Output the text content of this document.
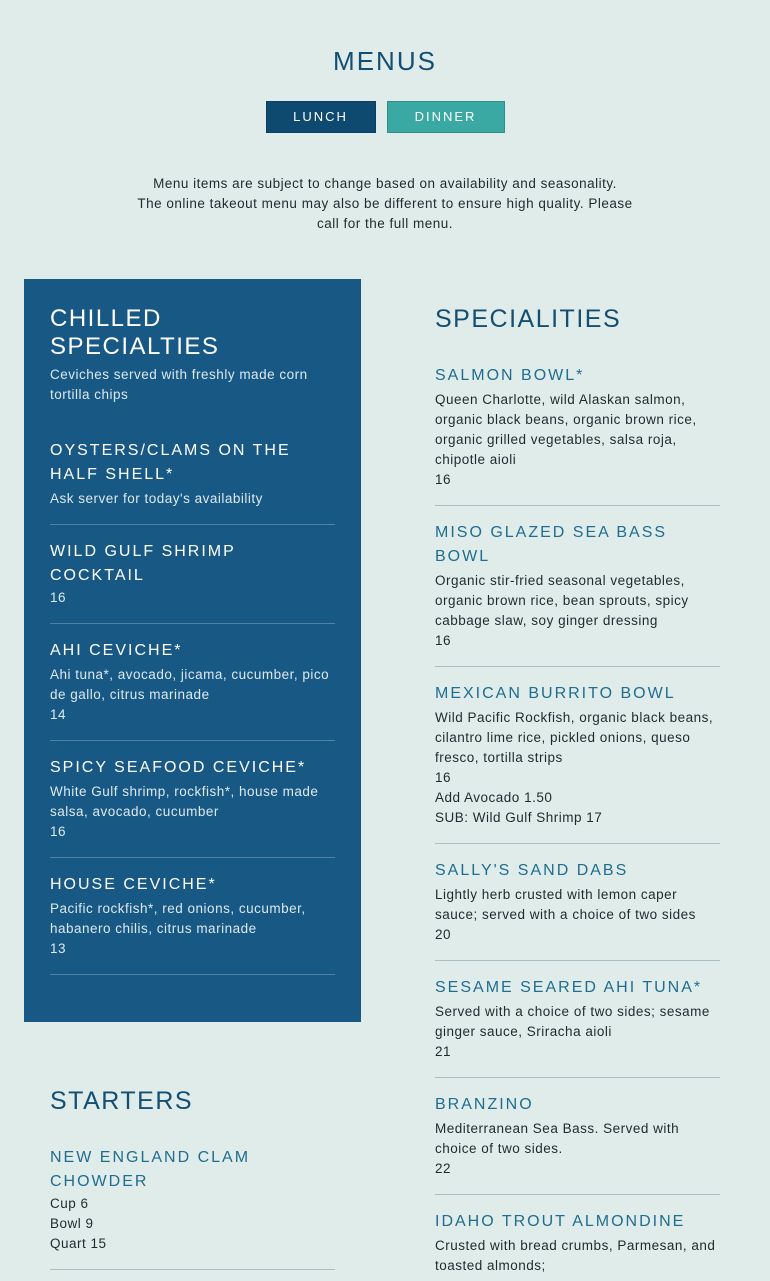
MENUS
LUNCH	DINNER
Menu items are subject to change based on availability and seasonality.
The online takeout menu may also be different to ensure high quality. Please
call for the full menu.
CHILLED SPECIALTIES

Ceviches served with freshly made corn tortilla chips

OYSTERS/CLAMS ON THE HALF SHELL*
Ask server for today's availability
WILD GULF SHRIMP COCKTAIL
16
AHI CEVICHE*
Ahi tuna*, avocado, jicama, cucumber, pico de gallo, citrus marinade
14
SPICY SEAFOOD CEVICHE*
White Gulf shrimp, rockfish*, house made salsa, avocado, cucumber
16
HOUSE CEVICHE*
Pacific rockfish*, red onions, cucumber, habanero chilis, citrus marinade
13
SPECIALITIES
SALMON BOWL*
Queen Charlotte, wild Alaskan salmon, organic black beans, organic brown rice, organic grilled vegetables, salsa roja, chipotle aioli
16
MISO GLAZED SEA BASS BOWL
Organic stir-fried seasonal vegetables, organic brown rice, bean sprouts, spicy cabbage slaw, soy ginger dressing
16
MEXICAN BURRITO BOWL
Wild Pacific Rockfish, organic black beans, cilantro lime rice, pickled onions, queso fresco, tortilla strips
16
Add Avocado 1.50
SUB: Wild Gulf Shrimp 17
SALLY'S SAND DABS
Lightly herb crusted with lemon caper sauce; served with a choice of two sides
20
SESAME SEARED AHI TUNA*
Served with a choice of two sides; sesame ginger sauce, Sriracha aioli
21
BRANZINO
Mediterranean Sea Bass. Served with choice of two sides.
22
IDAHO TROUT ALMONDINE
Crusted with bread crumbs, Parmesan, and toasted almonds;
STARTERS
NEW ENGLAND CLAM CHOWDER
Cup 6
Bowl 9
Quart 15
